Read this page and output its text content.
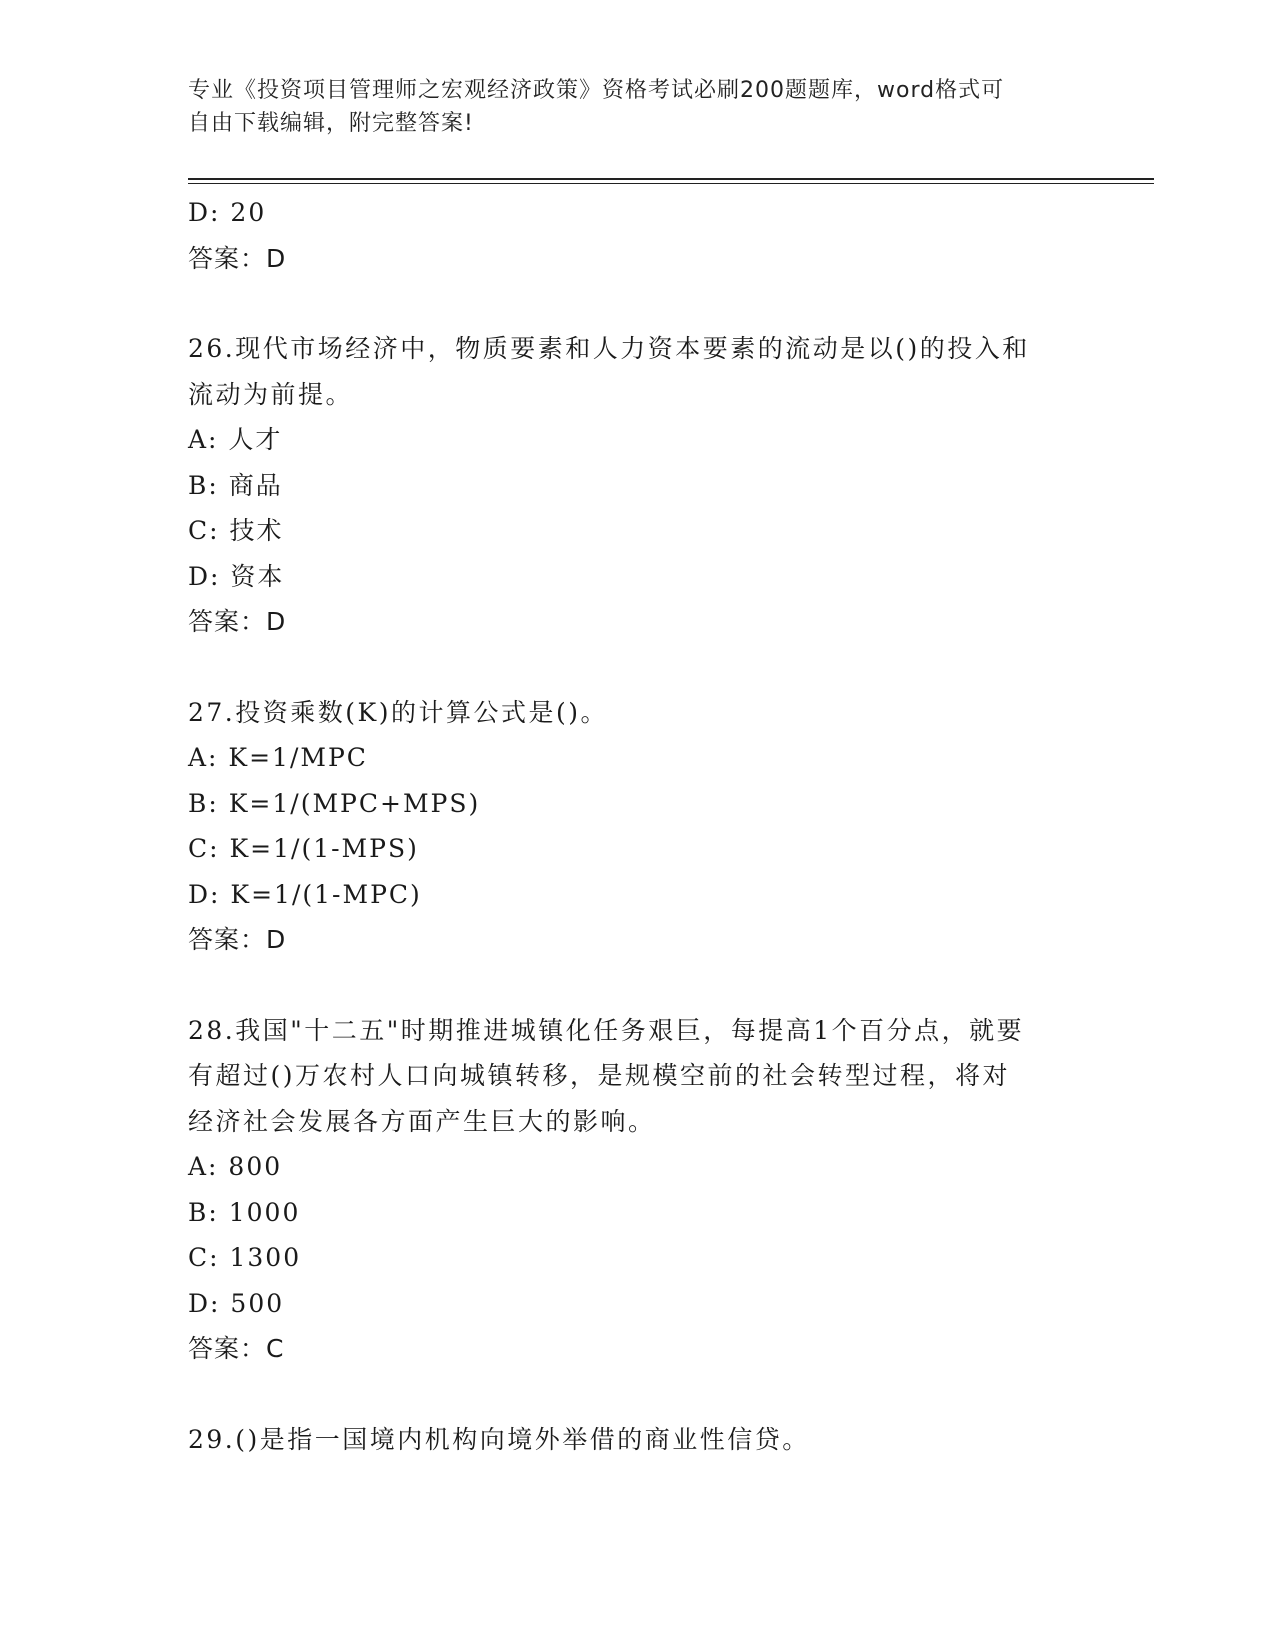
专业《投资项目管理师之宏观经济政策》资格考试必刷200题题库，word格式可
自由下载编辑，附完整答案!
D: 20
答案：D
26.现代市场经济中，物质要素和人力资本要素的流动是以()的投入和
流动为前提。
A: 人才
B: 商品
C: 技术
D: 资本
答案：D
27.投资乘数(K)的计算公式是()。
A: K=1/MPC
B: K=1/(MPC+MPS)
C: K=1/(1-MPS)
D: K=1/(1-MPC)
答案：D
28.我国"十二五"时期推进城镇化任务艰巨，每提高1个百分点，就要
有超过()万农村人口向城镇转移，是规模空前的社会转型过程，将对
经济社会发展各方面产生巨大的影响。
A: 800
B: 1000
C: 1300
D: 500
答案：C
29.()是指一国境内机构向境外举借的商业性信贷。
